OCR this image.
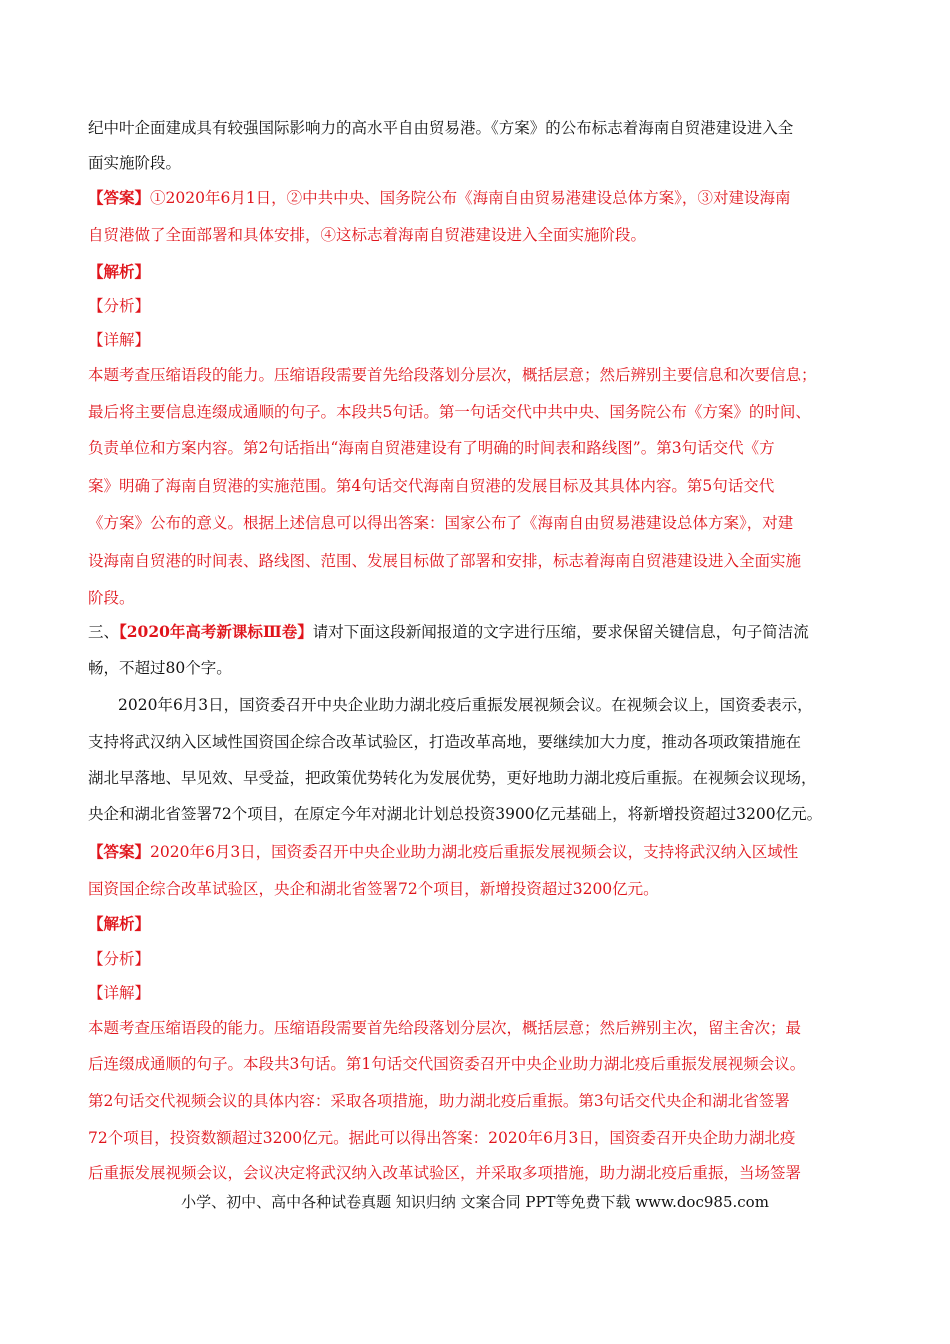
纪中叶企面建成具有较强国际影响力的高水平自由贸易港。《方案》的公布标志着海南自贸港建设进入全
面实施阶段。
【答案】①2020年6月1日，②中共中央、国务院公布《海南自由贸易港建设总体方案》，③对建设海南
自贸港做了全面部署和具体安排，④这标志着海南自贸港建设进入全面实施阶段。
【解析】
【分析】
【详解】
本题考查压缩语段的能力。压缩语段需要首先给段落划分层次，概括层意；然后辨别主要信息和次要信息；
最后将主要信息连缀成通顺的句子。本段共5句话。第一句话交代中共中央、国务院公布《方案》的时间、
负责单位和方案内容。第2句话指出“海南自贸港建设有了明确的时间表和路线图”。第3句话交代《方
案》明确了海南自贸港的实施范围。第4句话交代海南自贸港的发展目标及其具体内容。第5句话交代
《方案》公布的意义。根据上述信息可以得出答案：国家公布了《海南自由贸易港建设总体方案》，对建
设海南自贸港的时间表、路线图、范围、发展目标做了部署和安排，标志着海南自贸港建设进入全面实施
阶段。
三、【2020年高考新课标Ⅲ卷】请对下面这段新闻报道的文字进行压缩，要求保留关键信息，句子简洁流
畅，不超过80个字。
2020年6月3日，国资委召开中央企业助力湖北疫后重振发展视频会议。在视频会议上，国资委表示，
支持将武汉纳入区域性国资国企综合改革试验区，打造改革高地，要继续加大力度，推动各项政策措施在
湖北早落地、早见效、早受益，把政策优势转化为发展优势，更好地助力湖北疫后重振。在视频会议现场，
央企和湖北省签署72个项目，在原定今年对湖北计划总投资3900亿元基础上，将新增投资超过3200亿元。
【答案】2020年6月3日，国资委召开中央企业助力湖北疫后重振发展视频会议，支持将武汉纳入区域性
国资国企综合改革试验区，央企和湖北省签署72个项目，新增投资超过3200亿元。
【解析】
【分析】
【详解】
本题考查压缩语段的能力。压缩语段需要首先给段落划分层次，概括层意；然后辨别主次，留主舍次；最
后连缀成通顺的句子。本段共3句话。第1句话交代国资委召开中央企业助力湖北疫后重振发展视频会议。
第2句话交代视频会议的具体内容：采取各项措施，助力湖北疫后重振。第3句话交代央企和湖北省签署
72个项目，投资数额超过3200亿元。据此可以得出答案：2020年6月3日，国资委召开央企助力湖北疫
后重振发展视频会议，会议决定将武汉纳入改革试验区，并采取多项措施，助力湖北疫后重振，当场签署
小学、初中、高中各种试卷真题 知识归纳 文案合同 PPT等免费下载 www.doc985.com
